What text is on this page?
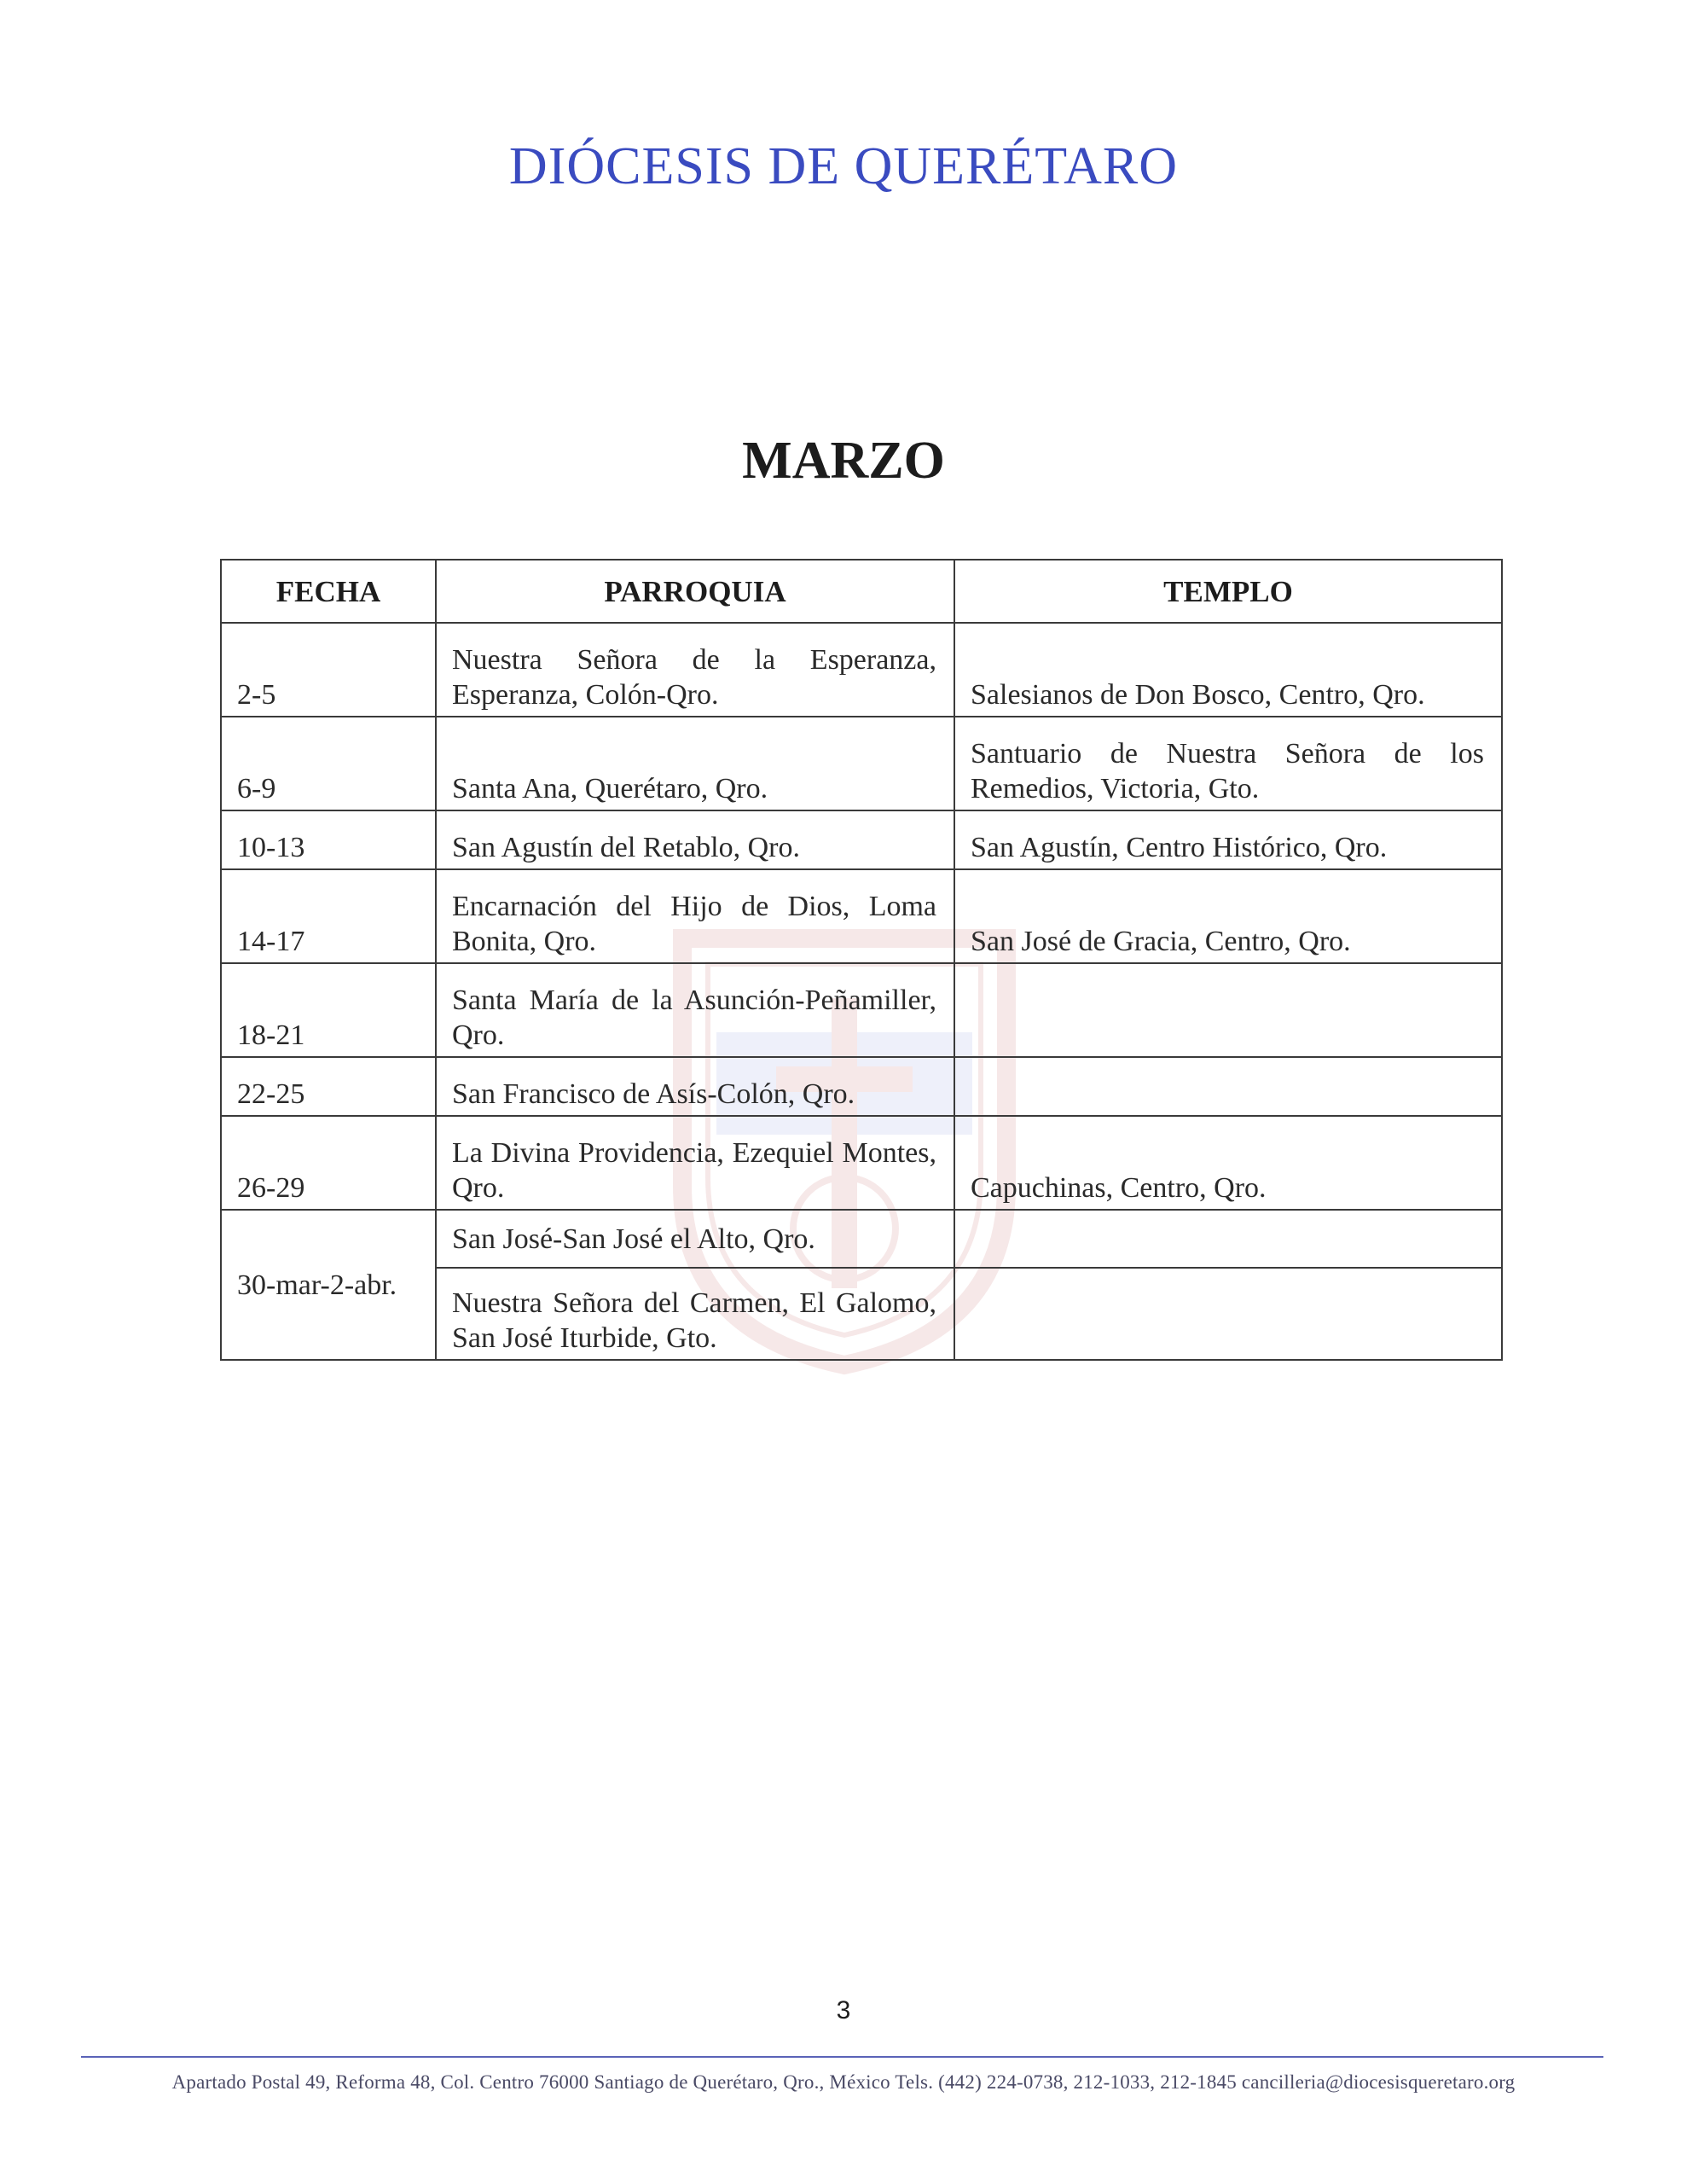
DIÓCESIS DE QUERÉTARO
MARZO
FECHA	PARROQUIA	TEMPLO
2-5	Nuestra Señora de la Esperanza, Esperanza, Colón-Qro.	Salesianos de Don Bosco, Centro, Qro.
6-9	Santa Ana, Querétaro, Qro.	Santuario de Nuestra Señora de los Remedios, Victoria, Gto.
10-13	San Agustín del Retablo, Qro.	San Agustín, Centro Histórico, Qro.
14-17	Encarnación del Hijo de Dios, Loma Bonita, Qro.	San José de Gracia, Centro, Qro.
18-21	Santa María de la Asunción-Peñamiller, Qro.	
22-25	San Francisco de Asís-Colón, Qro.	
26-29	La Divina Providencia, Ezequiel Montes, Qro.	Capuchinas, Centro, Qro.
30-mar-2-abr.	San José-San José el Alto, Qro.	
	Nuestra Señora del Carmen, El Galomo, San José Iturbide, Gto.	
3
Apartado Postal 49, Reforma 48, Col. Centro 76000 Santiago de Querétaro, Qro., México Tels. (442) 224-0738, 212-1033, 212-1845 cancilleria@diocesisqueretaro.org
